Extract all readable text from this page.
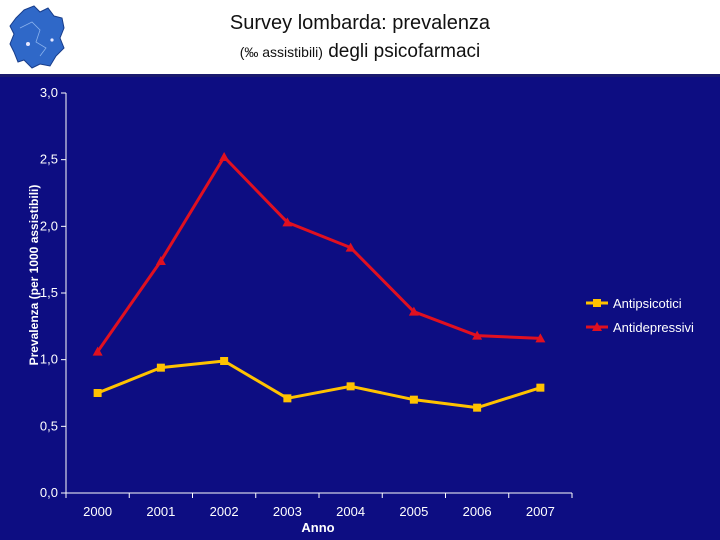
Survey lombarda: prevalenza
(‰ assistibili) degli psicofarmaci
0,0
0,5
1,0
1,5
2,0
2,5
3,0
2000	2001	2002	2003	2004	2005	2006	2007
Antipsicotici
Antidepressivi
Prevalenza (per 1000 assistibili)
Anno
